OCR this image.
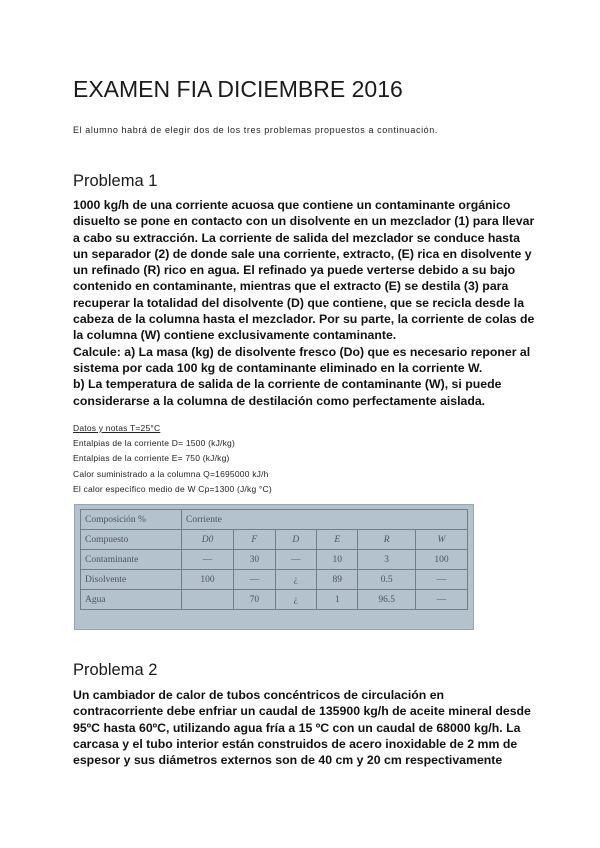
EXAMEN FIA DICIEMBRE 2016
El alumno habrá de elegir dos de los tres problemas propuestos a continuación.
Problema 1
1000 kg/h de una corriente acuosa que contiene un contaminante orgánico
disuelto se pone en contacto con un disolvente en un mezclador (1) para llevar
a cabo su extracción. La corriente de salida del mezclador se conduce hasta
un separador (2) de donde sale una corriente, extracto, (E) rica en disolvente y
un refinado (R) rico en agua. El refinado ya puede verterse debido a su bajo
contenido en contaminante, mientras que el extracto (E) se destila (3) para
recuperar la totalidad del disolvente (D) que contiene, que se recicla desde la
cabeza de la columna hasta el mezclador. Por su parte, la corriente de colas de
la columna (W) contiene exclusivamente contaminante.
Calcule: a) La masa (kg) de disolvente fresco (Do) que es necesario reponer al
sistema por cada 100 kg de contaminante eliminado en la corriente W.
b) La temperatura de salida de la corriente de contaminante (W), si puede
considerarse a la columna de destilación como perfectamente aislada.
Datos y notas T=25°C
Entalpias de la corriente D= 1500 (kJ/kg)
Entalpias de la corriente E= 750 (kJ/kg)
Calor suministrado a la columna Q=1695000 kJ/h
El calor específico medio de W Cp=1300 (J/kg °C)
Composición %	Corriente					
Compuesto	D0	F	D	E	R	W
Contaminante	—	30	—	10	3	100
Disolvente	100	—	¿	89	0.5	—
Agua		70	¿	1	96.5	—
Problema 2
Un cambiador de calor de tubos concéntricos de circulación en
contracorriente debe enfriar un caudal de 135900 kg/h de aceite mineral desde
95ºC hasta 60ºC, utilizando agua fría a 15 ºC con un caudal de 68000 kg/h. La
carcasa y el tubo interior están construidos de acero inoxidable de 2 mm de
espesor y sus diámetros externos son de 40 cm y 20 cm respectivamente
